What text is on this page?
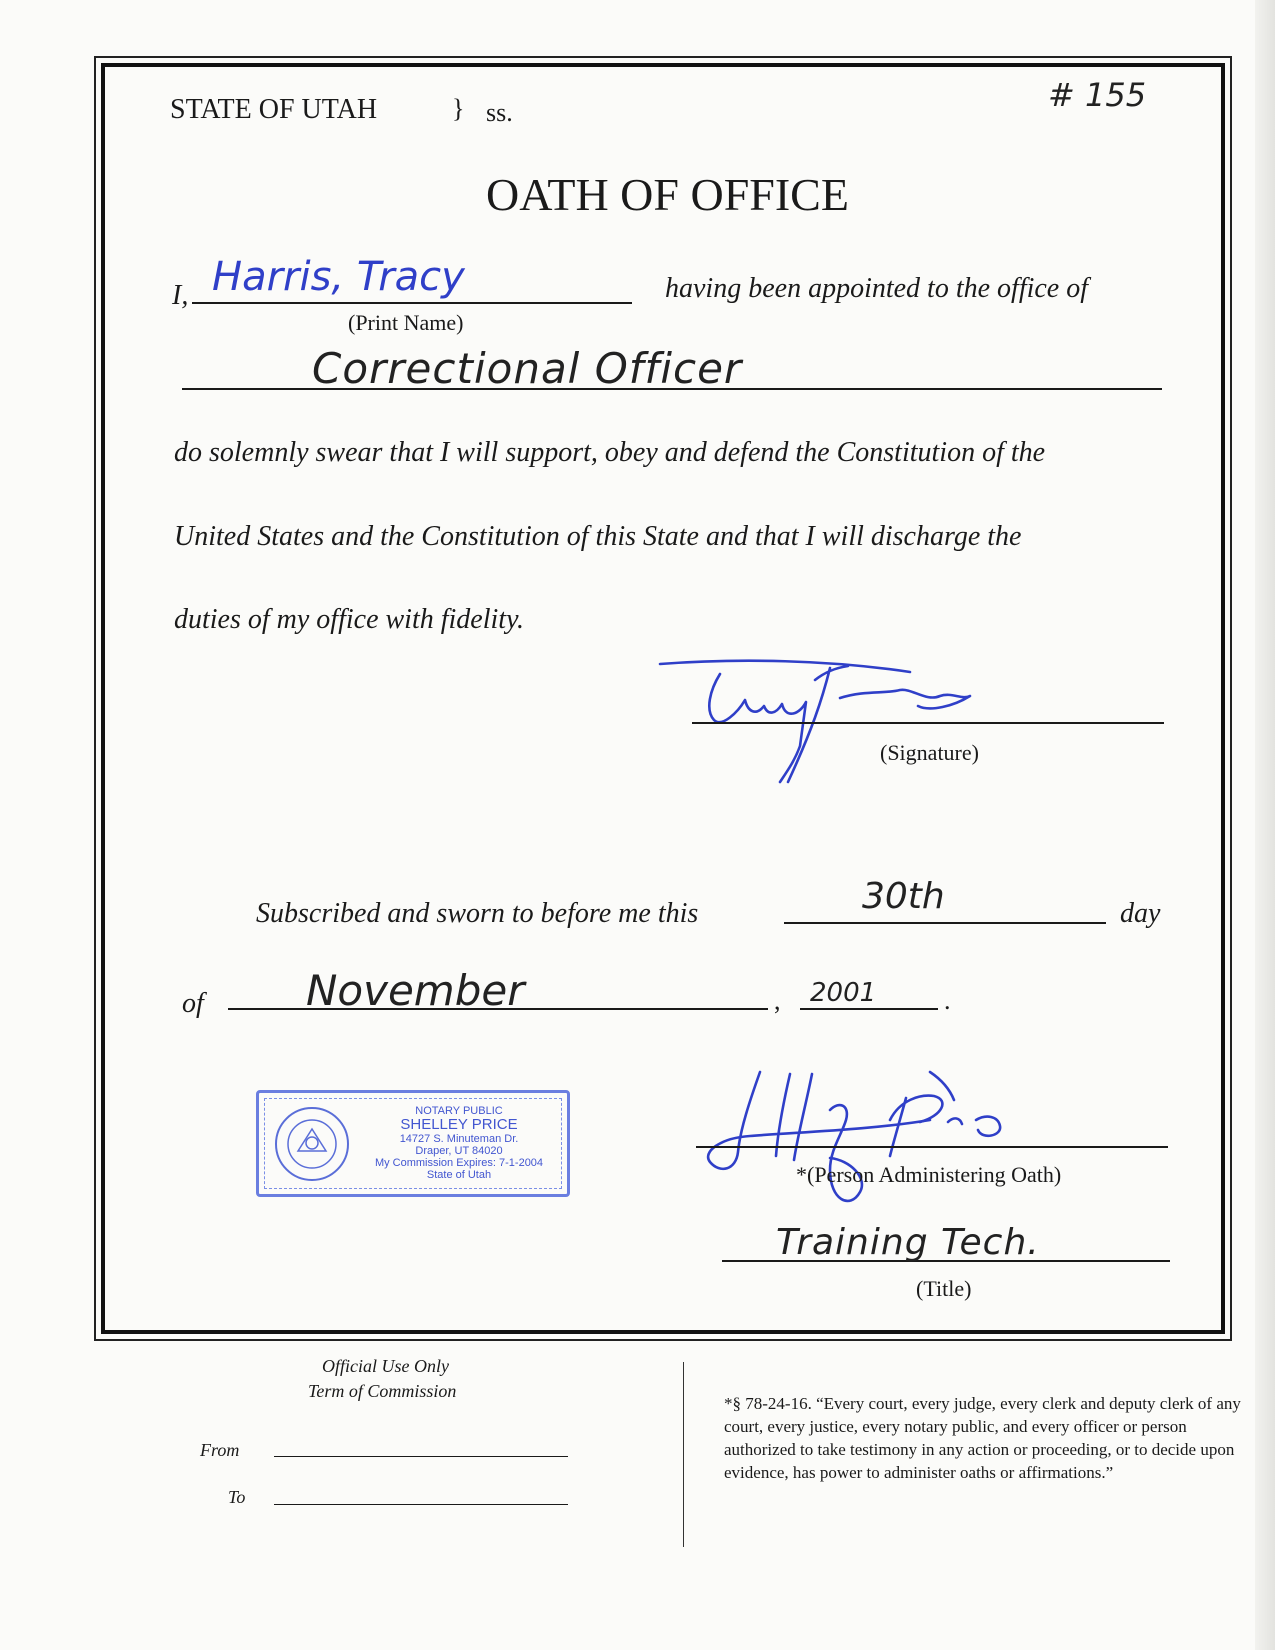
STATE OF UTAH	} ss.	# 155
OATH OF OFFICE
I, Harris, Tracy
(Print Name)
having been appointed to the office of
Correctional Officer
do solemnly swear that I will support, obey and defend the Constitution of the
United States and the Constitution of this State and that I will discharge the
duties of my office with fidelity.
(Signature)
Subscribed and sworn to before me this	30th	day
of November	, 2001	.
NOTARY PUBLIC
SHELLEY PRICE
14727 S. Minuteman Dr.
Draper, UT 84020
My Commission Expires: 7-1-2004
State of Utah	*(Person Administering Oath)
Training Tech.
(Title)
Official Use Only
Term of Commission
From
To
*§ 78-24-16. “Every court, every judge, every clerk and deputy clerk of any court, every justice, every notary public, and every officer or person authorized to take testimony in any action or proceeding, or to decide upon evidence, has power to administer oaths or affirmations.”
